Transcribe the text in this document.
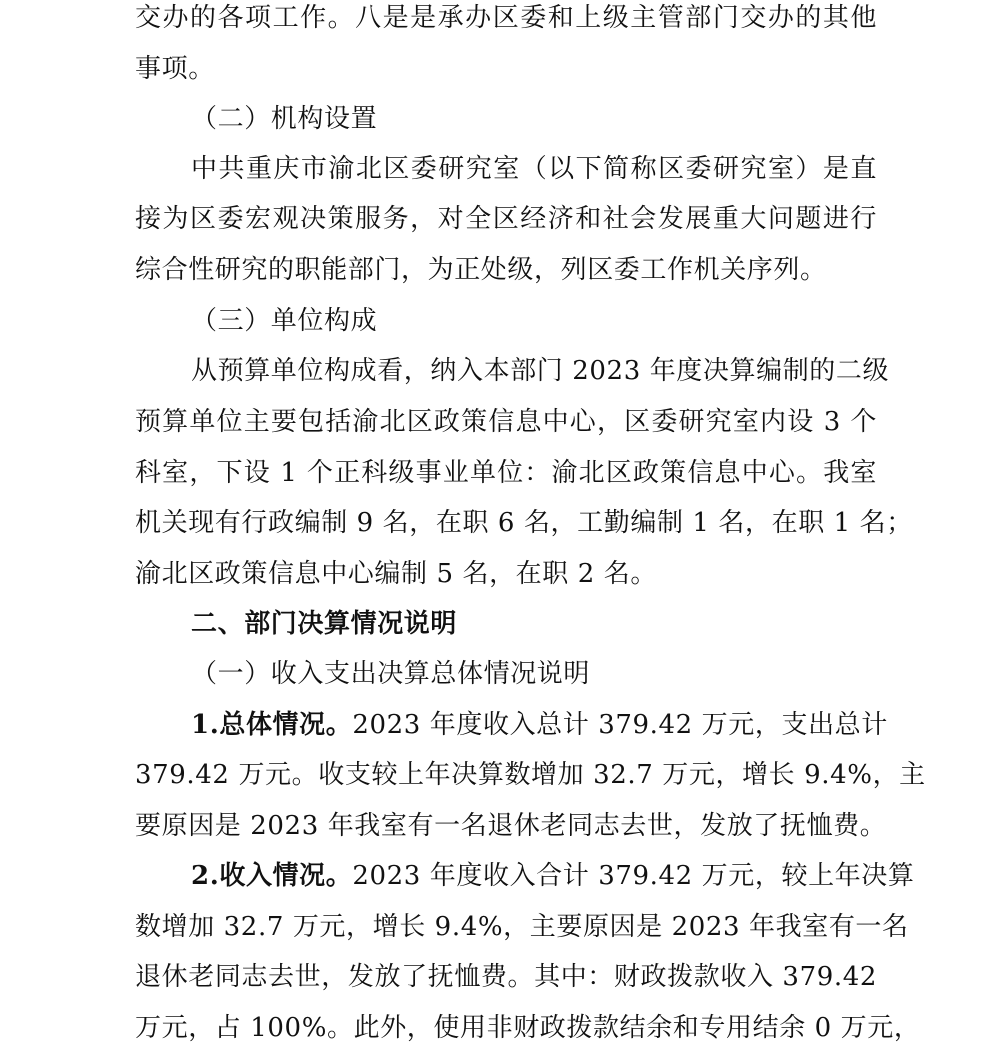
交办的各项工作。八是是承办区委和上级主管部门交办的其他
事项。
（二）机构设置
中共重庆市渝北区委研究室（以下简称区委研究室）是直
接为区委宏观决策服务，对全区经济和社会发展重大问题进行
综合性研究的职能部门，为正处级，列区委工作机关序列。
（三）单位构成
从预算单位构成看，纳入本部门 2023 年度决算编制的二级
预算单位主要包括渝北区政策信息中心，区委研究室内设 3 个
科室，下设 1 个正科级事业单位：渝北区政策信息中心。我室
机关现有行政编制 9 名，在职 6 名，工勤编制 1 名，在职 1 名；
渝北区政策信息中心编制 5 名，在职 2 名。
二、部门决算情况说明
（一）收入支出决算总体情况说明
1.总体情况。2023 年度收入总计 379.42 万元，支出总计
379.42 万元。收支较上年决算数增加 32.7 万元，增长 9.4%，主
要原因是 2023 年我室有一名退休老同志去世，发放了抚恤费。
2.收入情况。2023 年度收入合计 379.42 万元，较上年决算
数增加 32.7 万元，增长 9.4%，主要原因是 2023 年我室有一名
退休老同志去世，发放了抚恤费。其中：财政拨款收入 379.42
万元，占 100%。此外，使用非财政拨款结余和专用结余 0 万元，
